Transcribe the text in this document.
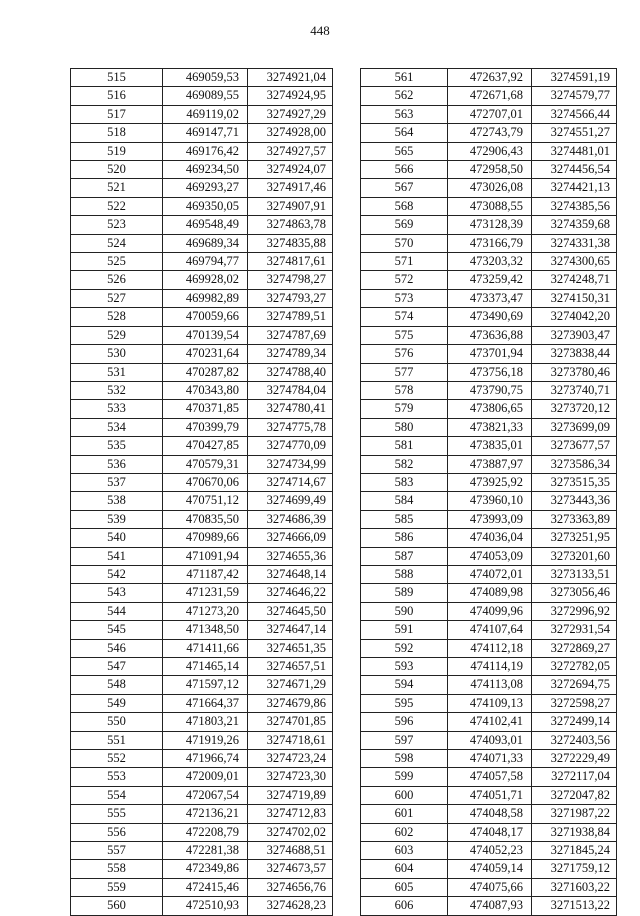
448
515	469059,53	3274921,04
516	469089,55	3274924,95
517	469119,02	3274927,29
518	469147,71	3274928,00
519	469176,42	3274927,57
520	469234,50	3274924,07
521	469293,27	3274917,46
522	469350,05	3274907,91
523	469548,49	3274863,78
524	469689,34	3274835,88
525	469794,77	3274817,61
526	469928,02	3274798,27
527	469982,89	3274793,27
528	470059,66	3274789,51
529	470139,54	3274787,69
530	470231,64	3274789,34
531	470287,82	3274788,40
532	470343,80	3274784,04
533	470371,85	3274780,41
534	470399,79	3274775,78
535	470427,85	3274770,09
536	470579,31	3274734,99
537	470670,06	3274714,67
538	470751,12	3274699,49
539	470835,50	3274686,39
540	470989,66	3274666,09
541	471091,94	3274655,36
542	471187,42	3274648,14
543	471231,59	3274646,22
544	471273,20	3274645,50
545	471348,50	3274647,14
546	471411,66	3274651,35
547	471465,14	3274657,51
548	471597,12	3274671,29
549	471664,37	3274679,86
550	471803,21	3274701,85
551	471919,26	3274718,61
552	471966,74	3274723,24
553	472009,01	3274723,30
554	472067,54	3274719,89
555	472136,21	3274712,83
556	472208,79	3274702,02
557	472281,38	3274688,51
558	472349,86	3274673,57
559	472415,46	3274656,76
560	472510,93	3274628,23
561	472637,92	3274591,19
562	472671,68	3274579,77
563	472707,01	3274566,44
564	472743,79	3274551,27
565	472906,43	3274481,01
566	472958,50	3274456,54
567	473026,08	3274421,13
568	473088,55	3274385,56
569	473128,39	3274359,68
570	473166,79	3274331,38
571	473203,32	3274300,65
572	473259,42	3274248,71
573	473373,47	3274150,31
574	473490,69	3274042,20
575	473636,88	3273903,47
576	473701,94	3273838,44
577	473756,18	3273780,46
578	473790,75	3273740,71
579	473806,65	3273720,12
580	473821,33	3273699,09
581	473835,01	3273677,57
582	473887,97	3273586,34
583	473925,92	3273515,35
584	473960,10	3273443,36
585	473993,09	3273363,89
586	474036,04	3273251,95
587	474053,09	3273201,60
588	474072,01	3273133,51
589	474089,98	3273056,46
590	474099,96	3272996,92
591	474107,64	3272931,54
592	474112,18	3272869,27
593	474114,19	3272782,05
594	474113,08	3272694,75
595	474109,13	3272598,27
596	474102,41	3272499,14
597	474093,01	3272403,56
598	474071,33	3272229,49
599	474057,58	3272117,04
600	474051,71	3272047,82
601	474048,58	3271987,22
602	474048,17	3271938,84
603	474052,23	3271845,24
604	474059,14	3271759,12
605	474075,66	3271603,22
606	474087,93	3271513,22
